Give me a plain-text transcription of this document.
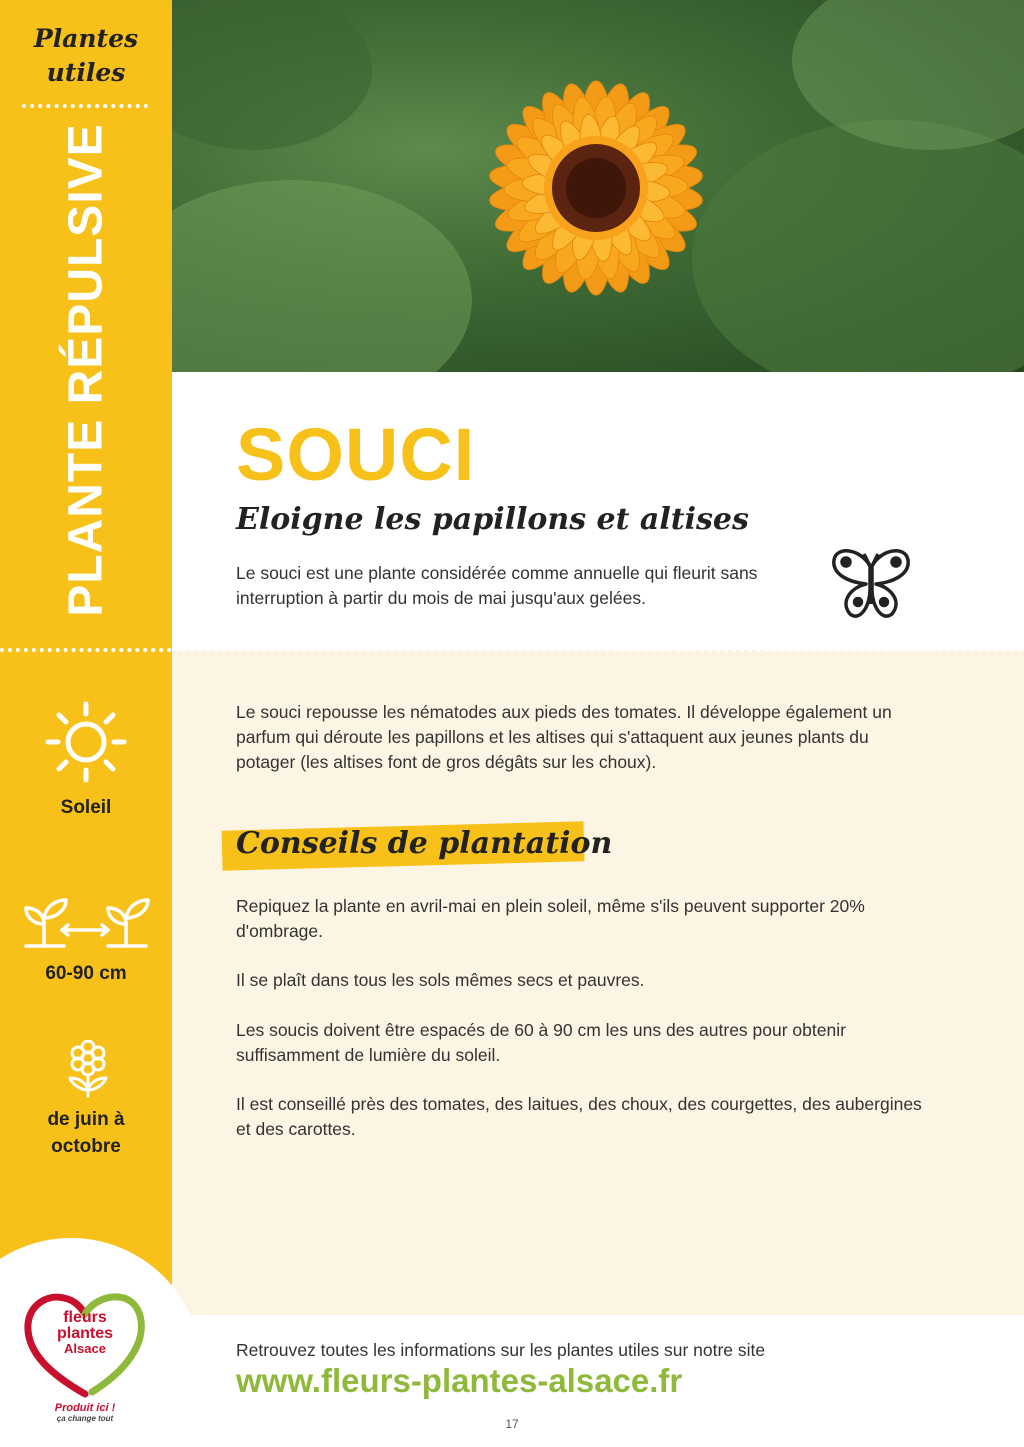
Plantes
utiles
PLANTE RÉPULSIVE SOUCI
Eloigne les papillons et altises
Le souci est une plante considérée comme annuelle qui fleurit sans interruption à partir du mois de mai jusqu'aux gelées.
Le souci repousse les nématodes aux pieds des tomates. Il développe également un parfum qui déroute les papillons et les altises qui s'attaquent aux jeunes plants du potager (les altises font de gros dégâts sur les choux).
Conseils de plantation
Repiquez la plante en avril-mai en plein soleil, même s'ils peuvent supporter 20% d'ombrage.
Il se plaît dans tous les sols mêmes secs et pauvres.
Les soucis doivent être espacés de 60 à 90 cm les uns des autres pour obtenir suffisamment de lumière du soleil.
Il est conseillé près des tomates, des laitues, des choux, des courgettes, des aubergines et des carottes.
Soleil
60-90 cm
de juin à
octobre
fleurs
plantes
Alsace
Produit ici !
ça change tout
Retrouvez toutes les informations sur les plantes utiles sur notre site
www.fleurs-plantes-alsace.fr
17
